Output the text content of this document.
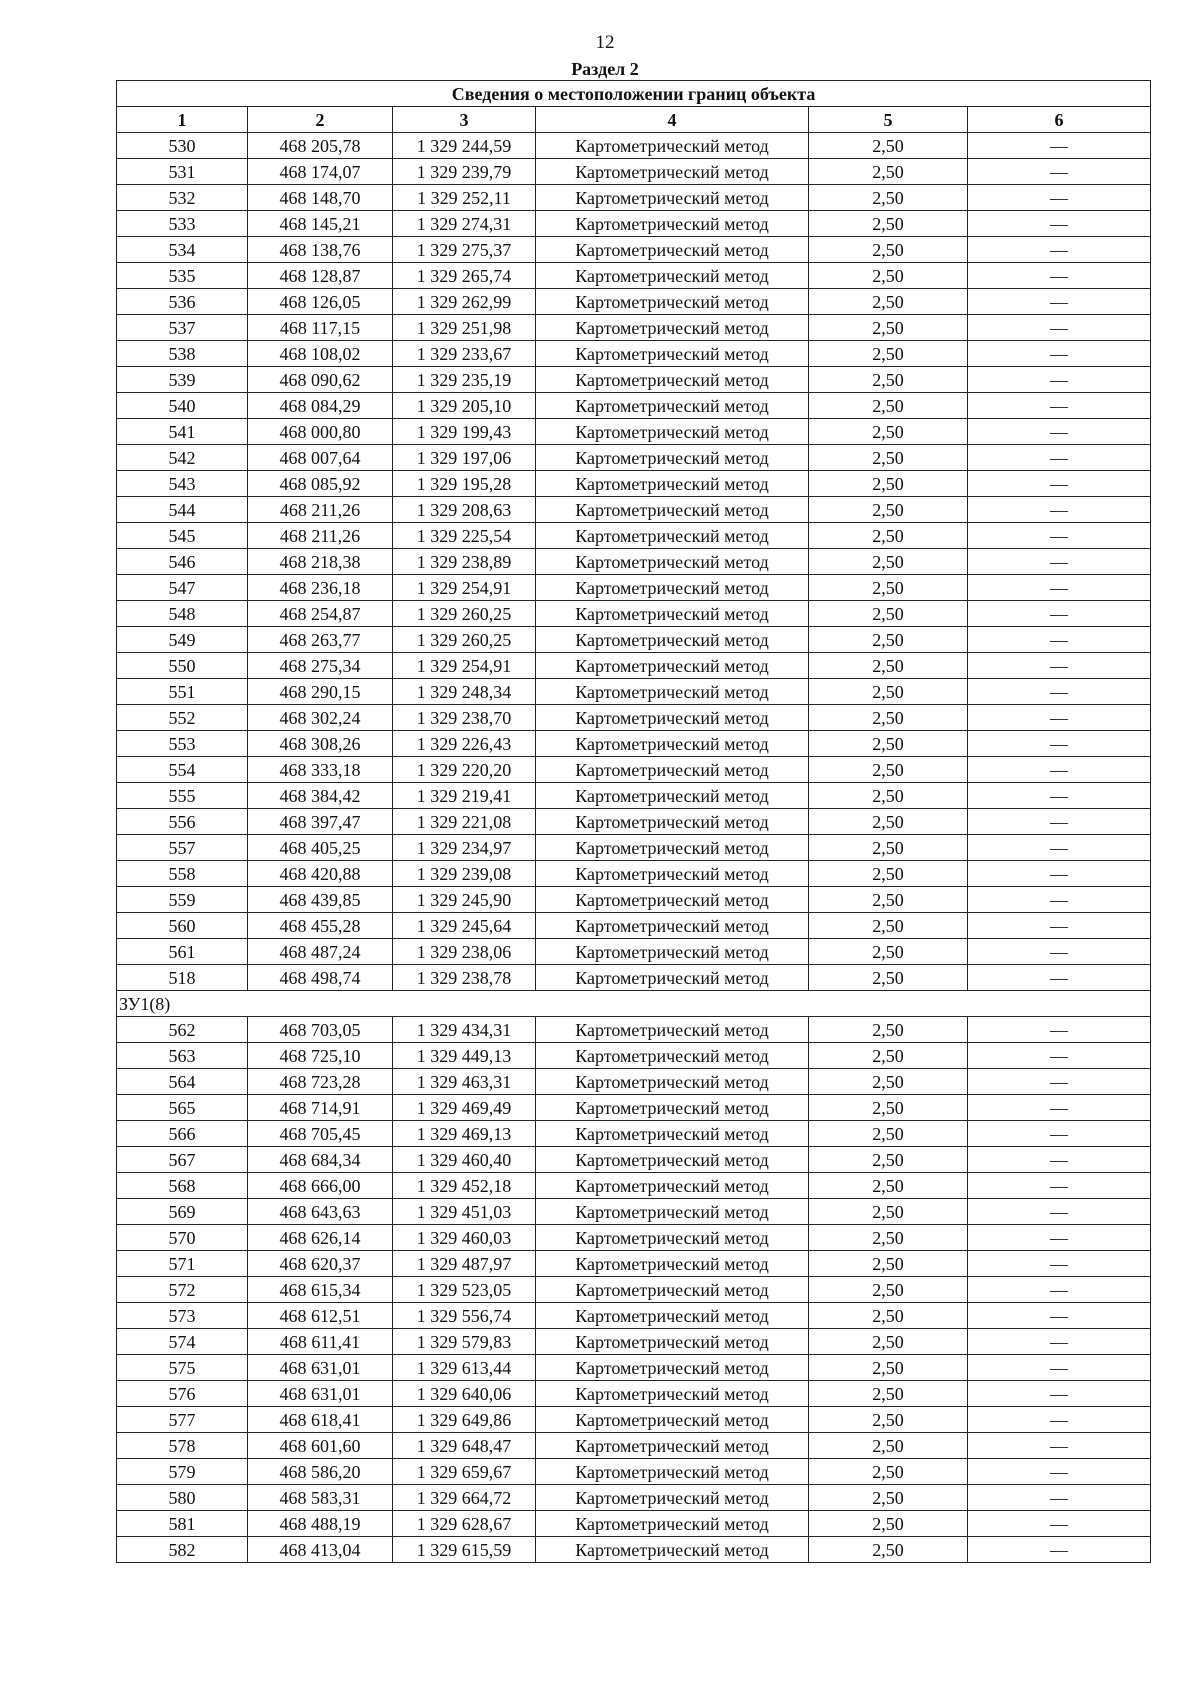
12
Раздел 2
Сведения о местоположении границ объекта					
1	2	3	4	5	6
530	468 205,78	1 329 244,59	Картометрический метод	2,50	—
531	468 174,07	1 329 239,79	Картометрический метод	2,50	—
532	468 148,70	1 329 252,11	Картометрический метод	2,50	—
533	468 145,21	1 329 274,31	Картометрический метод	2,50	—
534	468 138,76	1 329 275,37	Картометрический метод	2,50	—
535	468 128,87	1 329 265,74	Картометрический метод	2,50	—
536	468 126,05	1 329 262,99	Картометрический метод	2,50	—
537	468 117,15	1 329 251,98	Картометрический метод	2,50	—
538	468 108,02	1 329 233,67	Картометрический метод	2,50	—
539	468 090,62	1 329 235,19	Картометрический метод	2,50	—
540	468 084,29	1 329 205,10	Картометрический метод	2,50	—
541	468 000,80	1 329 199,43	Картометрический метод	2,50	—
542	468 007,64	1 329 197,06	Картометрический метод	2,50	—
543	468 085,92	1 329 195,28	Картометрический метод	2,50	—
544	468 211,26	1 329 208,63	Картометрический метод	2,50	—
545	468 211,26	1 329 225,54	Картометрический метод	2,50	—
546	468 218,38	1 329 238,89	Картометрический метод	2,50	—
547	468 236,18	1 329 254,91	Картометрический метод	2,50	—
548	468 254,87	1 329 260,25	Картометрический метод	2,50	—
549	468 263,77	1 329 260,25	Картометрический метод	2,50	—
550	468 275,34	1 329 254,91	Картометрический метод	2,50	—
551	468 290,15	1 329 248,34	Картометрический метод	2,50	—
552	468 302,24	1 329 238,70	Картометрический метод	2,50	—
553	468 308,26	1 329 226,43	Картометрический метод	2,50	—
554	468 333,18	1 329 220,20	Картометрический метод	2,50	—
555	468 384,42	1 329 219,41	Картометрический метод	2,50	—
556	468 397,47	1 329 221,08	Картометрический метод	2,50	—
557	468 405,25	1 329 234,97	Картометрический метод	2,50	—
558	468 420,88	1 329 239,08	Картометрический метод	2,50	—
559	468 439,85	1 329 245,90	Картометрический метод	2,50	—
560	468 455,28	1 329 245,64	Картометрический метод	2,50	—
561	468 487,24	1 329 238,06	Картометрический метод	2,50	—
518	468 498,74	1 329 238,78	Картометрический метод	2,50	—
ЗУ1(8)					
562	468 703,05	1 329 434,31	Картометрический метод	2,50	—
563	468 725,10	1 329 449,13	Картометрический метод	2,50	—
564	468 723,28	1 329 463,31	Картометрический метод	2,50	—
565	468 714,91	1 329 469,49	Картометрический метод	2,50	—
566	468 705,45	1 329 469,13	Картометрический метод	2,50	—
567	468 684,34	1 329 460,40	Картометрический метод	2,50	—
568	468 666,00	1 329 452,18	Картометрический метод	2,50	—
569	468 643,63	1 329 451,03	Картометрический метод	2,50	—
570	468 626,14	1 329 460,03	Картометрический метод	2,50	—
571	468 620,37	1 329 487,97	Картометрический метод	2,50	—
572	468 615,34	1 329 523,05	Картометрический метод	2,50	—
573	468 612,51	1 329 556,74	Картометрический метод	2,50	—
574	468 611,41	1 329 579,83	Картометрический метод	2,50	—
575	468 631,01	1 329 613,44	Картометрический метод	2,50	—
576	468 631,01	1 329 640,06	Картометрический метод	2,50	—
577	468 618,41	1 329 649,86	Картометрический метод	2,50	—
578	468 601,60	1 329 648,47	Картометрический метод	2,50	—
579	468 586,20	1 329 659,67	Картометрический метод	2,50	—
580	468 583,31	1 329 664,72	Картометрический метод	2,50	—
581	468 488,19	1 329 628,67	Картометрический метод	2,50	—
582	468 413,04	1 329 615,59	Картометрический метод	2,50	—
